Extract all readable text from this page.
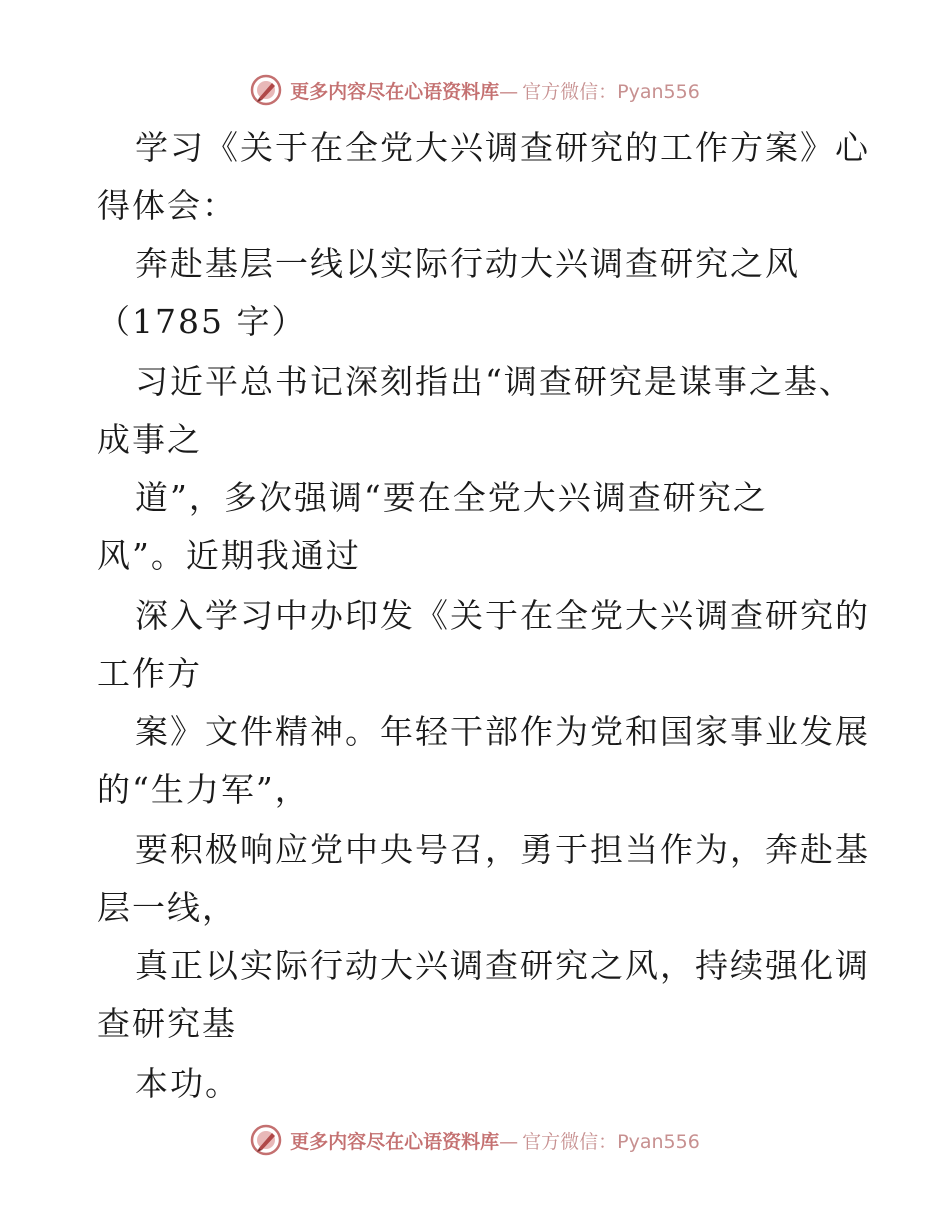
更多内容尽在心语资料库— 官方微信：Pyan556
学习《关于在全党大兴调查研究的工作方案》心
得体会：
奔赴基层一线以实际行动大兴调查研究之风
（1785 字）
习近平总书记深刻指出“调查研究是谋事之基、
成事之
道”，多次强调“要在全党大兴调查研究之
风”。近期我通过
深入学习中办印发《关于在全党大兴调查研究的
工作方
案》文件精神。年轻干部作为党和国家事业发展
的“生力军”，
要积极响应党中央号召，勇于担当作为，奔赴基
层一线，
真正以实际行动大兴调查研究之风，持续强化调
查研究基
本功。
更多内容尽在心语资料库— 官方微信：Pyan556
